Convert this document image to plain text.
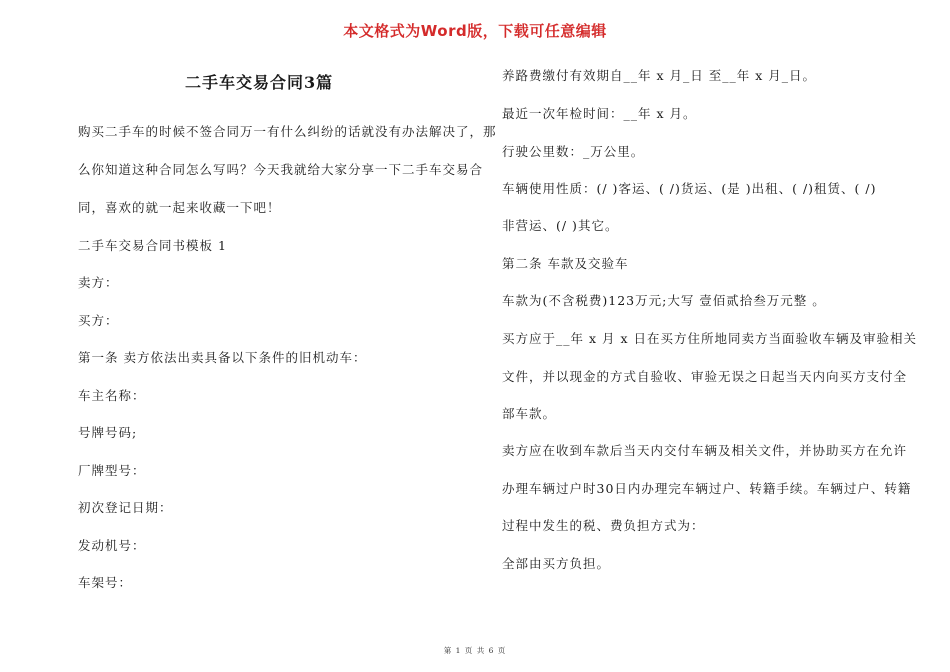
本文格式为Word版，下载可任意编辑
二手车交易合同3篇

购买二手车的时候不签合同万一有什么纠纷的话就没有办法解决了，那

么你知道这种合同怎么写吗？今天我就给大家分享一下二手车交易合

同，喜欢的就一起来收藏一下吧！

二手车交易合同书模板 1

卖方：

买方：

第一条 卖方依法出卖具备以下条件的旧机动车：

车主名称：

号牌号码;

厂牌型号：

初次登记日期：

发动机号：

车架号：

养路费缴付有效期自__年 x 月_日 至__年 x 月_日。

最近一次年检时间：__年 x 月。

行驶公里数：_万公里。

车辆使用性质：(/ )客运、( /)货运、(是 )出租、( /)租赁、( /)

非营运、(/ )其它。

第二条 车款及交验车

车款为(不含税费)123万元;大写 壹佰贰拾叁万元整 。

买方应于__年 x 月 x 日在买方住所地同卖方当面验收车辆及审验相关

文件，并以现金的方式自验收、审验无误之日起当天内向买方支付全

部车款。

卖方应在收到车款后当天内交付车辆及相关文件，并协助买方在允许

办理车辆过户时30日内办理完车辆过户、转籍手续。车辆过户、转籍

过程中发生的税、费负担方式为：

全部由买方负担。

第 1 页 共 6 页
